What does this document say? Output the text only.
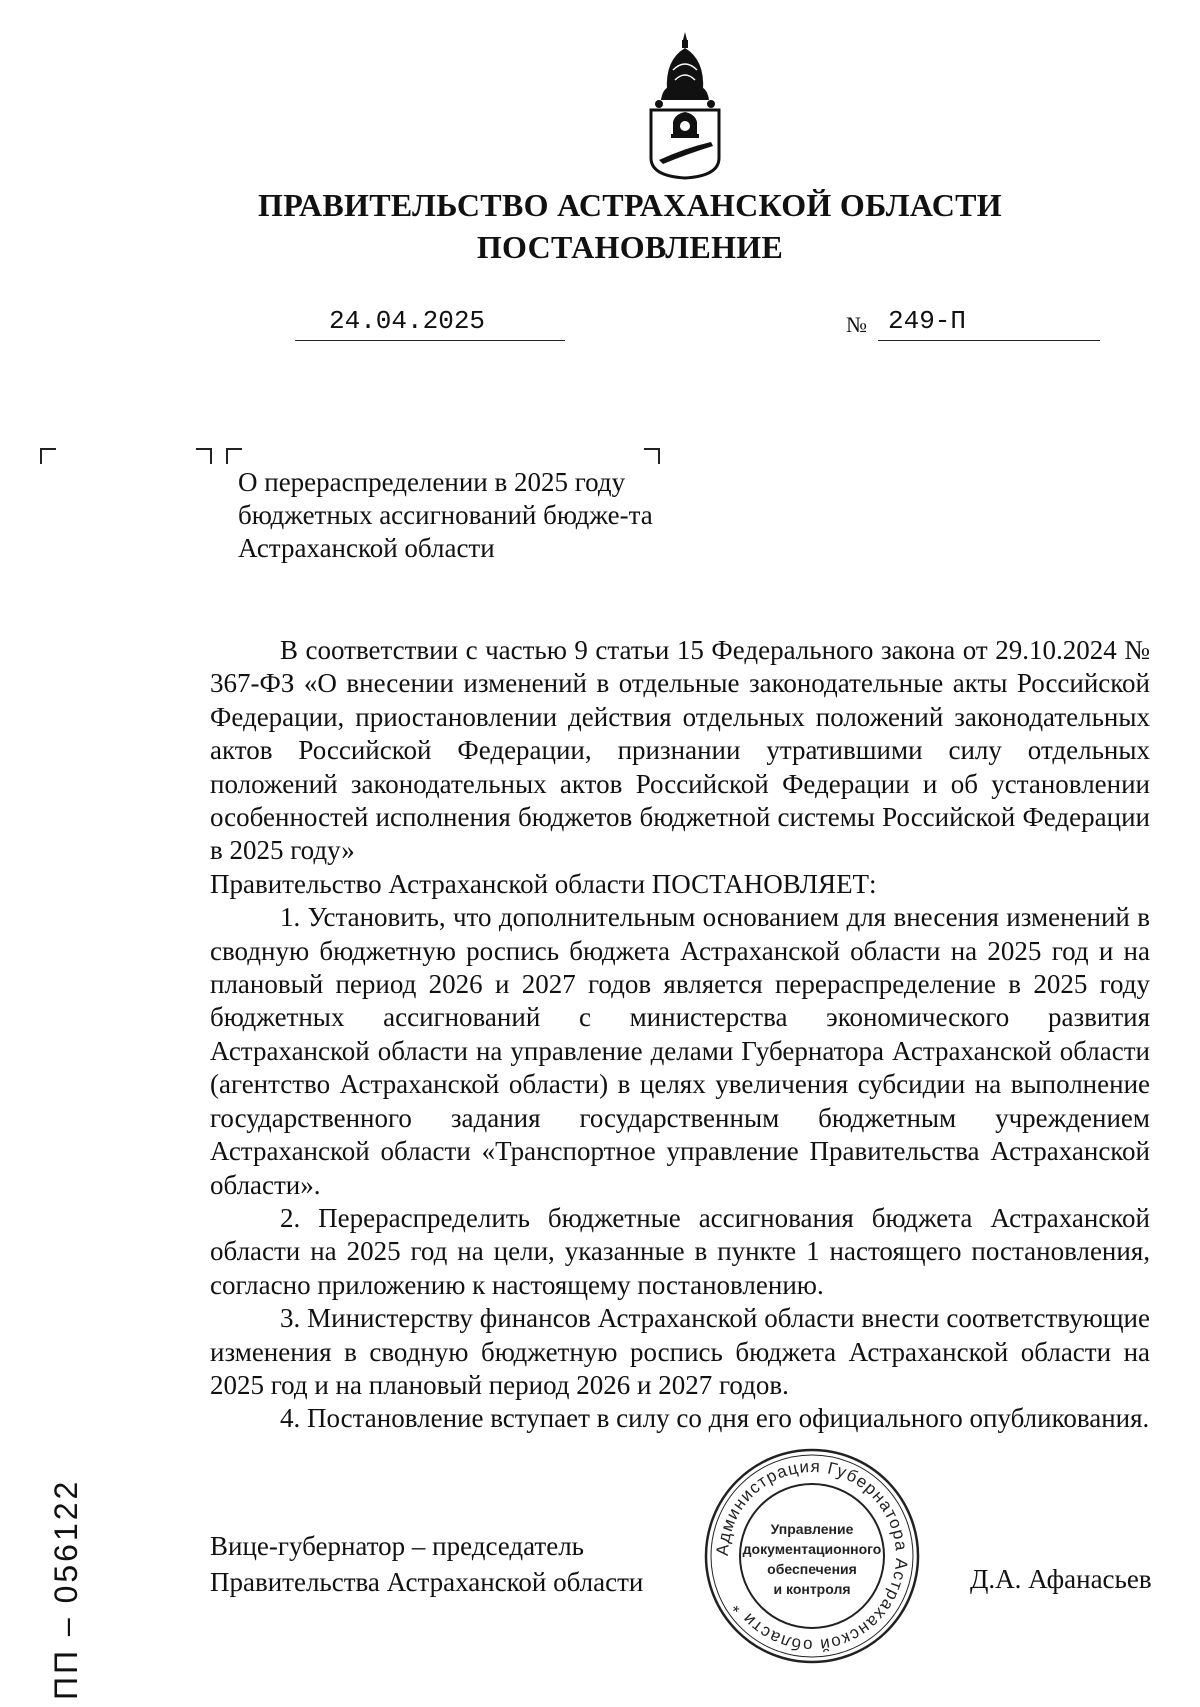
ПРАВИТЕЛЬСТВО АСТРАХАНСКОЙ ОБЛАСТИ
ПОСТАНОВЛЕНИЕ
24.04.2025	№ 249-П
О перераспределении в 2025 году бюджетных ассигнований бюдже-та Астраханской области

В соответствии с частью 9 статьи 15 Федерального закона от 29.10.2024 № 367-ФЗ «О внесении изменений в отдельные законодательные акты Российской Федерации, приостановлении действия отдельных положений законодательных актов Российской Федерации, признании утратившими силу отдельных положений законодательных актов Российской Федерации и об установлении особенностей исполнения бюджетов бюджетной системы Российской Федерации в 2025 году»

Правительство Астраханской области ПОСТАНОВЛЯЕТ:

1. Установить, что дополнительным основанием для внесения изменений в сводную бюджетную роспись бюджета Астраханской области на 2025 год и на плановый период 2026 и 2027 годов является перераспределение в 2025 году бюджетных ассигнований с министерства экономического развития Астраханской области на управление делами Губернатора Астраханской области (агентство Астраханской области) в целях увеличения субсидии на выполнение государственного задания государственным бюджетным учреждением Астраханской области «Транспортное управление Правительства Астраханской области».

2. Перераспределить бюджетные ассигнования бюджета Астраханской области на 2025 год на цели, указанные в пункте 1 настоящего постановления, согласно приложению к настоящему постановлению.

3. Министерству финансов Астраханской области внести соответствующие изменения в сводную бюджетную роспись бюджета Астраханской области на 2025 год и на плановый период 2026 и 2027 годов.

4. Постановление вступает в силу со дня его официального опубликования.

Вице-губернатор – председатель
Правительства Астраханской области
Администрация Губернатора Астраханской области *
Управление
документационного
обеспечения
и контроля	Д.А. Афанасьев
ПП – 056122
